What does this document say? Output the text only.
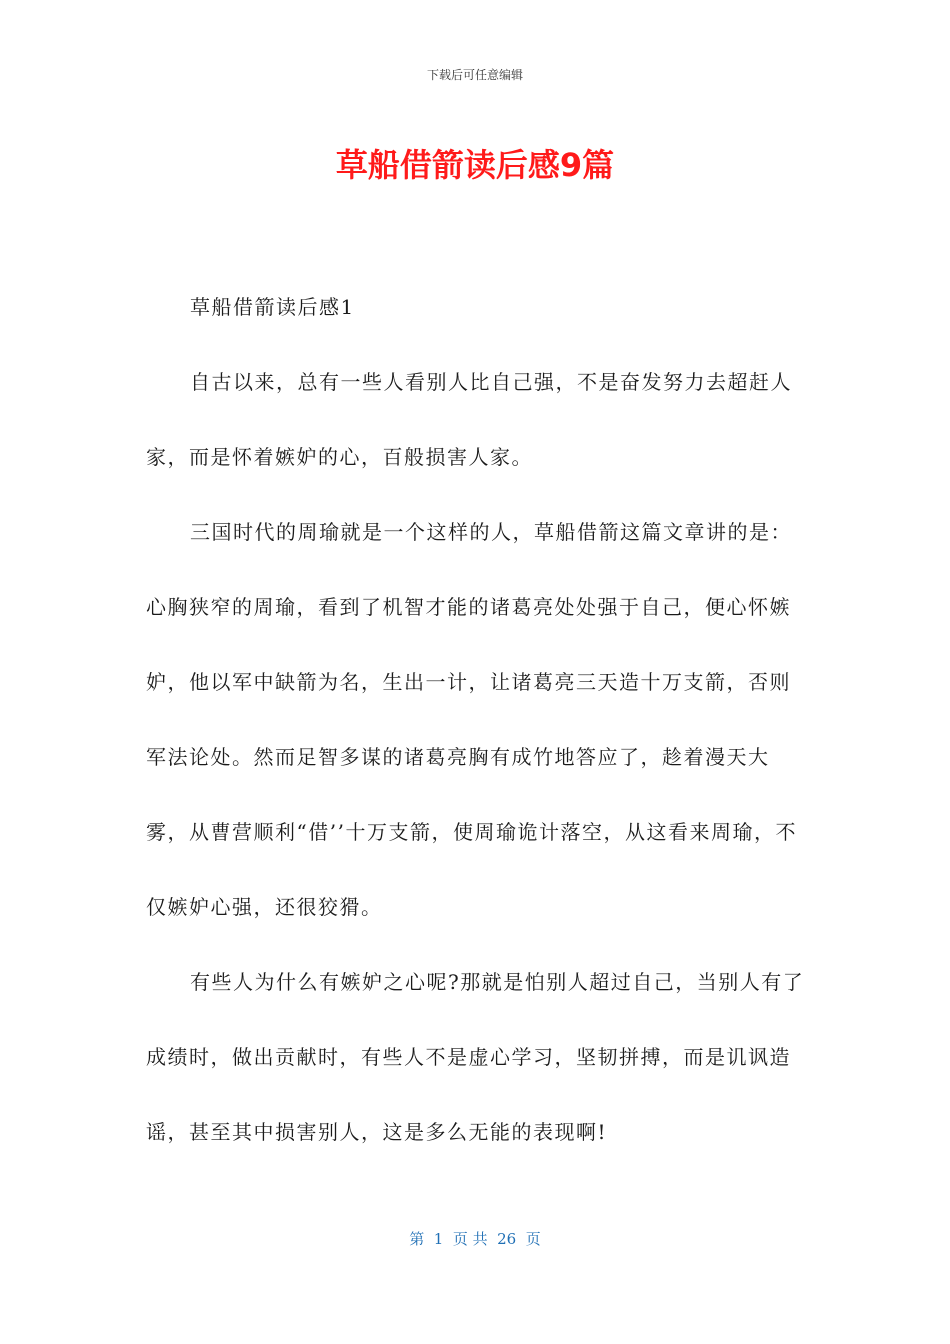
下载后可任意编辑
草船借箭读后感9篇

草船借箭读后感1

自古以来，总有一些人看别人比自己强，不是奋发努力去超赶人家，而是怀着嫉妒的心，百般损害人家。

三国时代的周瑜就是一个这样的人，草船借箭这篇文章讲的是：心胸狭窄的周瑜，看到了机智才能的诸葛亮处处强于自己，便心怀嫉妒，他以军中缺箭为名，生出一计，让诸葛亮三天造十万支箭，否则军法论处。然而足智多谋的诸葛亮胸有成竹地答应了，趁着漫天大雾，从曹营顺利“借’’十万支箭，使周瑜诡计落空，从这看来周瑜，不仅嫉妒心强，还很狡猾。

有些人为什么有嫉妒之心呢?那就是怕别人超过自己，当别人有了成绩时，做出贡献时，有些人不是虚心学习，坚韧拼搏，而是讥讽造谣，甚至其中损害别人，这是多么无能的表现啊!

第  1  页 共  26  页
